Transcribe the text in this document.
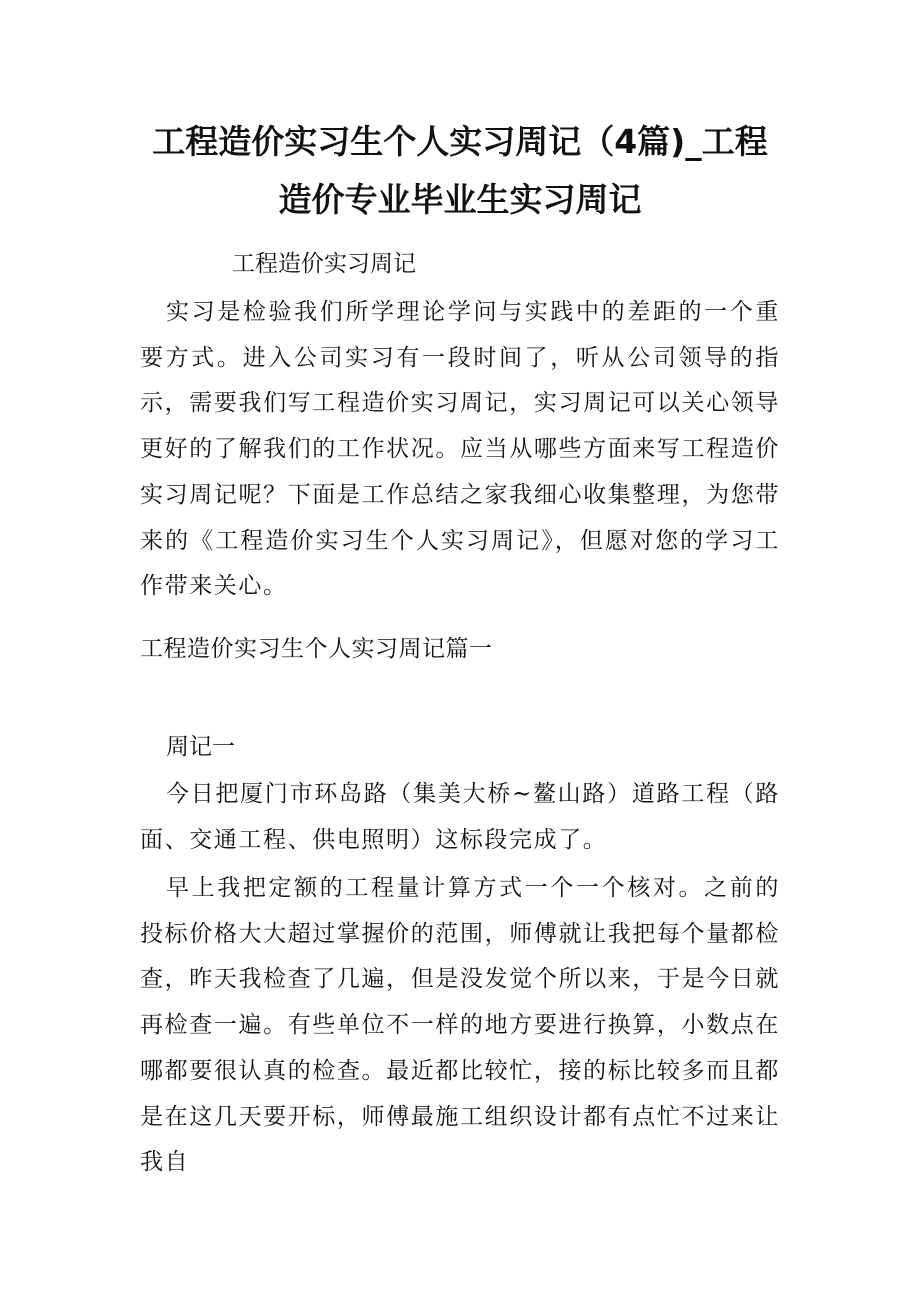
工程造价实习生个人实习周记（4篇)_工程
造价专业毕业生实习周记

工程造价实习周记

实习是检验我们所学理论学问与实践中的差距的一个重要方式。进入公司实习有一段时间了，听从公司领导的指示，需要我们写工程造价实习周记，实习周记可以关心领导更好的了解我们的工作状况。应当从哪些方面来写工程造价实习周记呢？下面是工作总结之家我细心收集整理，为您带来的《工程造价实习生个人实习周记》，但愿对您的学习工作带来关心。

工程造价实习生个人实习周记篇一

周记一

今日把厦门市环岛路（集美大桥~鳌山路）道路工程（路面、交通工程、供电照明）这标段完成了。

早上我把定额的工程量计算方式一个一个核对。之前的投标价格大大超过掌握价的范围，师傅就让我把每个量都检查，昨天我检查了几遍，但是没发觉个所以来，于是今日就再检查一遍。有些单位不一样的地方要进行换算，小数点在哪都要很认真的检查。最近都比较忙，接的标比较多而且都是在这几天要开标，师傅最施工组织设计都有点忙不过来让我自
